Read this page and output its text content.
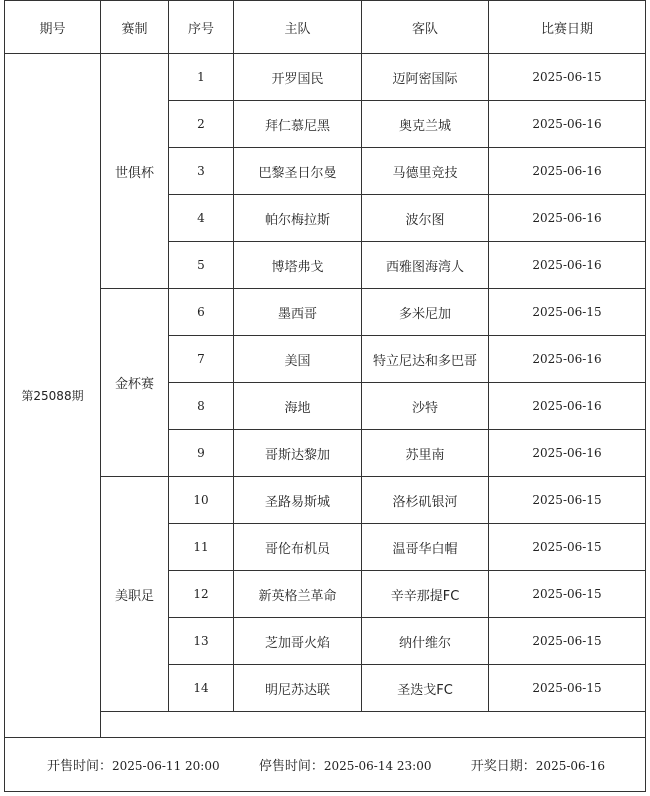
期号	赛制	序号	主队	客队	比赛日期
第25088期	世俱杯	1	开罗国民	迈阿密国际	2025-06-15
		2	拜仁慕尼黑	奥克兰城	2025-06-16
		3	巴黎圣日尔曼	马德里竞技	2025-06-16
		4	帕尔梅拉斯	波尔图	2025-06-16
		5	博塔弗戈	西雅图海湾人	2025-06-16
	金杯赛	6	墨西哥	多米尼加	2025-06-15
		7	美国	特立尼达和多巴哥	2025-06-16
		8	海地	沙特	2025-06-16
		9	哥斯达黎加	苏里南	2025-06-16
	美职足	10	圣路易斯城	洛杉矶银河	2025-06-15
		11	哥伦布机员	温哥华白帽	2025-06-15
		12	新英格兰革命	辛辛那提FC	2025-06-15
		13	芝加哥火焰	纳什维尔	2025-06-15
		14	明尼苏达联	圣迭戈FC	2025-06-15

开售时间：2025-06-11 20:00 停售时间：2025-06-14 23:00 开奖日期：2025-06-16					
